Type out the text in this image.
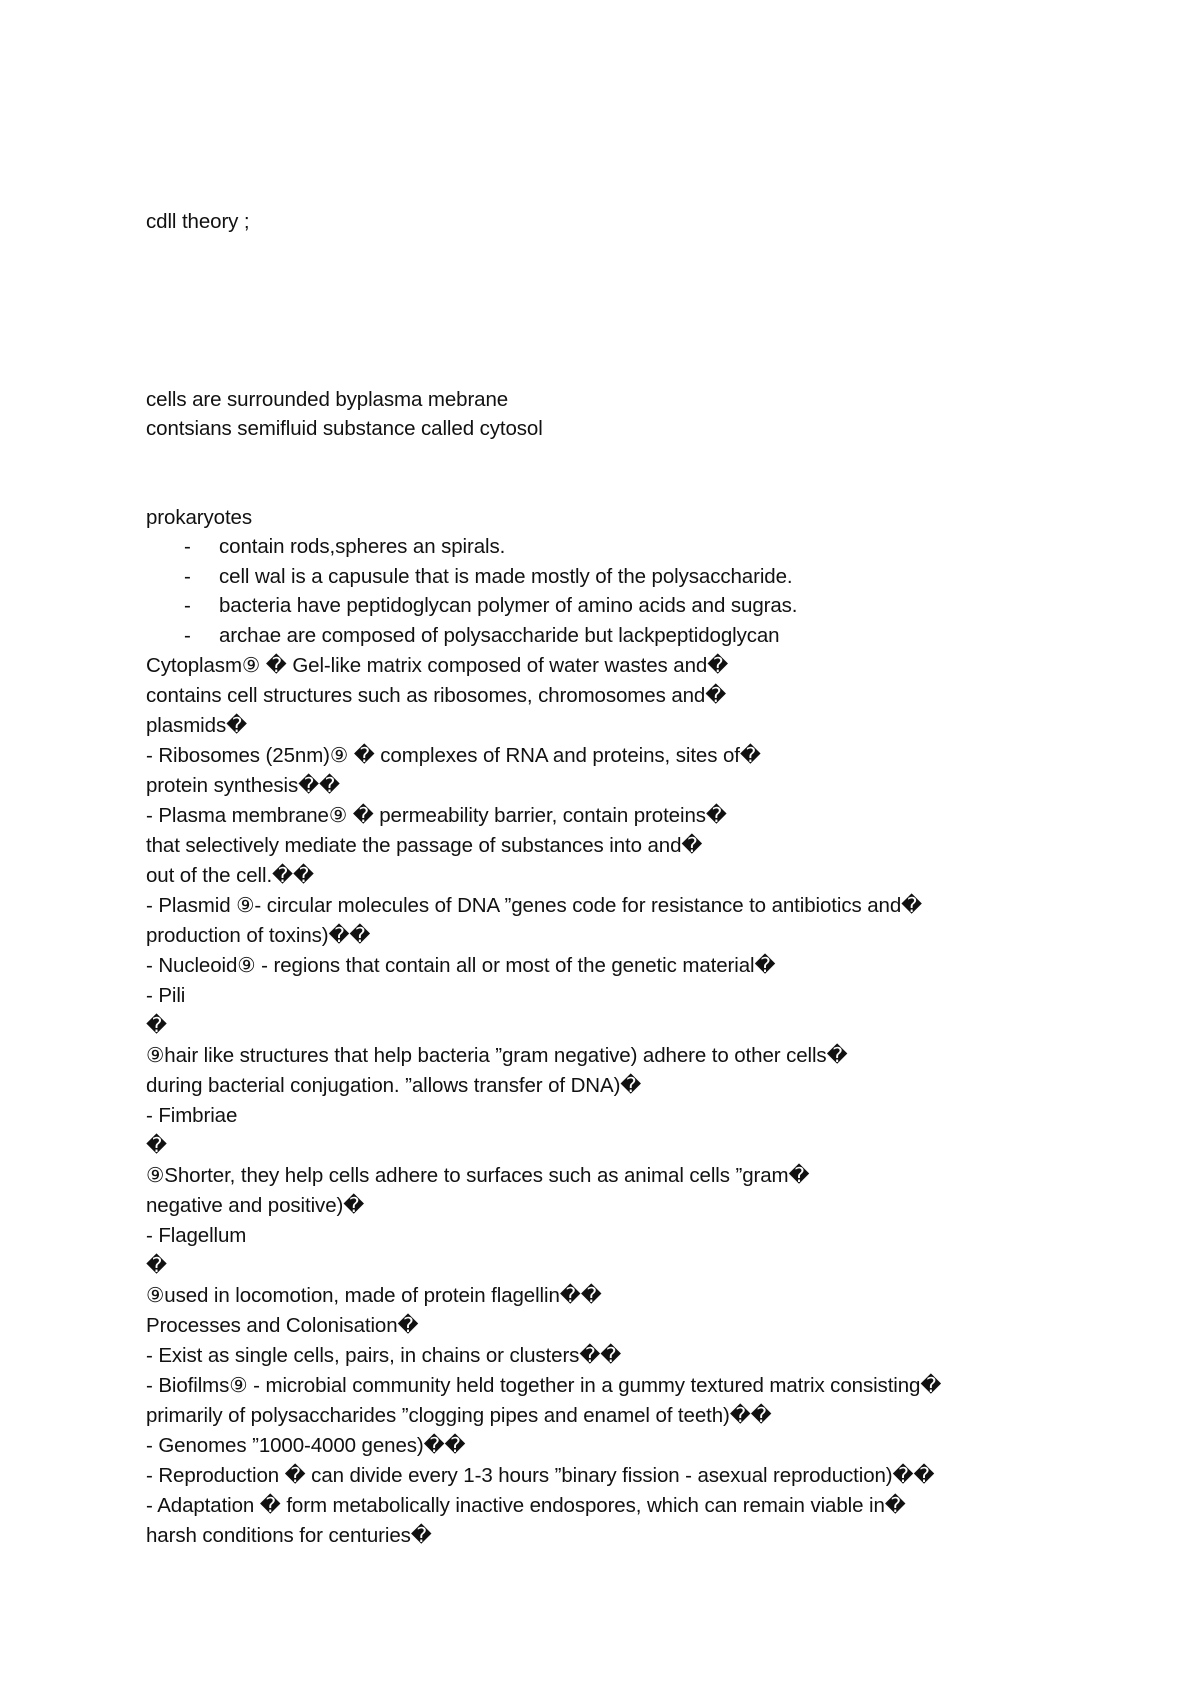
cdll theory ;
cells are surrounded byplasma mebrane
contsians semifluid substance called cytosol
prokaryotes
- contain rods,spheres an spirals.
- cell wal is a capusule that is made mostly of the polysaccharide.
- bacteria have peptidoglycan polymer of amino acids and sugras.
- archae are composed of polysaccharide but lackpeptidoglycan
Cytoplasm⑨ � Gel-like matrix composed of water wastes and�
contains cell structures such as ribosomes, chromosomes and�
plasmids�
- Ribosomes (25nm)⑨ � complexes of RNA and proteins, sites of�
protein synthesis��
- Plasma membrane⑨ � permeability barrier, contain proteins�
that selectively mediate the passage of substances into and�
out of the cell.��
- Plasmid ⑨- circular molecules of DNA ”genes code for resistance to antibiotics and�
production of toxins)��
- Nucleoid⑨ - regions that contain all or most of the genetic material�
- Pili
�
⑨hair like structures that help bacteria ”gram negative) adhere to other cells�
during bacterial conjugation. ”allows transfer of DNA)�
- Fimbriae
�
⑨Shorter, they help cells adhere to surfaces such as animal cells ”gram�
negative and positive)�
- Flagellum
�
⑨used in locomotion, made of protein flagellin��
Processes and Colonisation�
- Exist as single cells, pairs, in chains or clusters��
- Biofilms⑨ - microbial community held together in a gummy textured matrix consisting�
primarily of polysaccharides ”clogging pipes and enamel of teeth)��
- Genomes ”1000-4000 genes)��
- Reproduction � can divide every 1-3 hours ”binary fission - asexual reproduction)��
- Adaptation � form metabolically inactive endospores, which can remain viable in�
harsh conditions for centuries�
